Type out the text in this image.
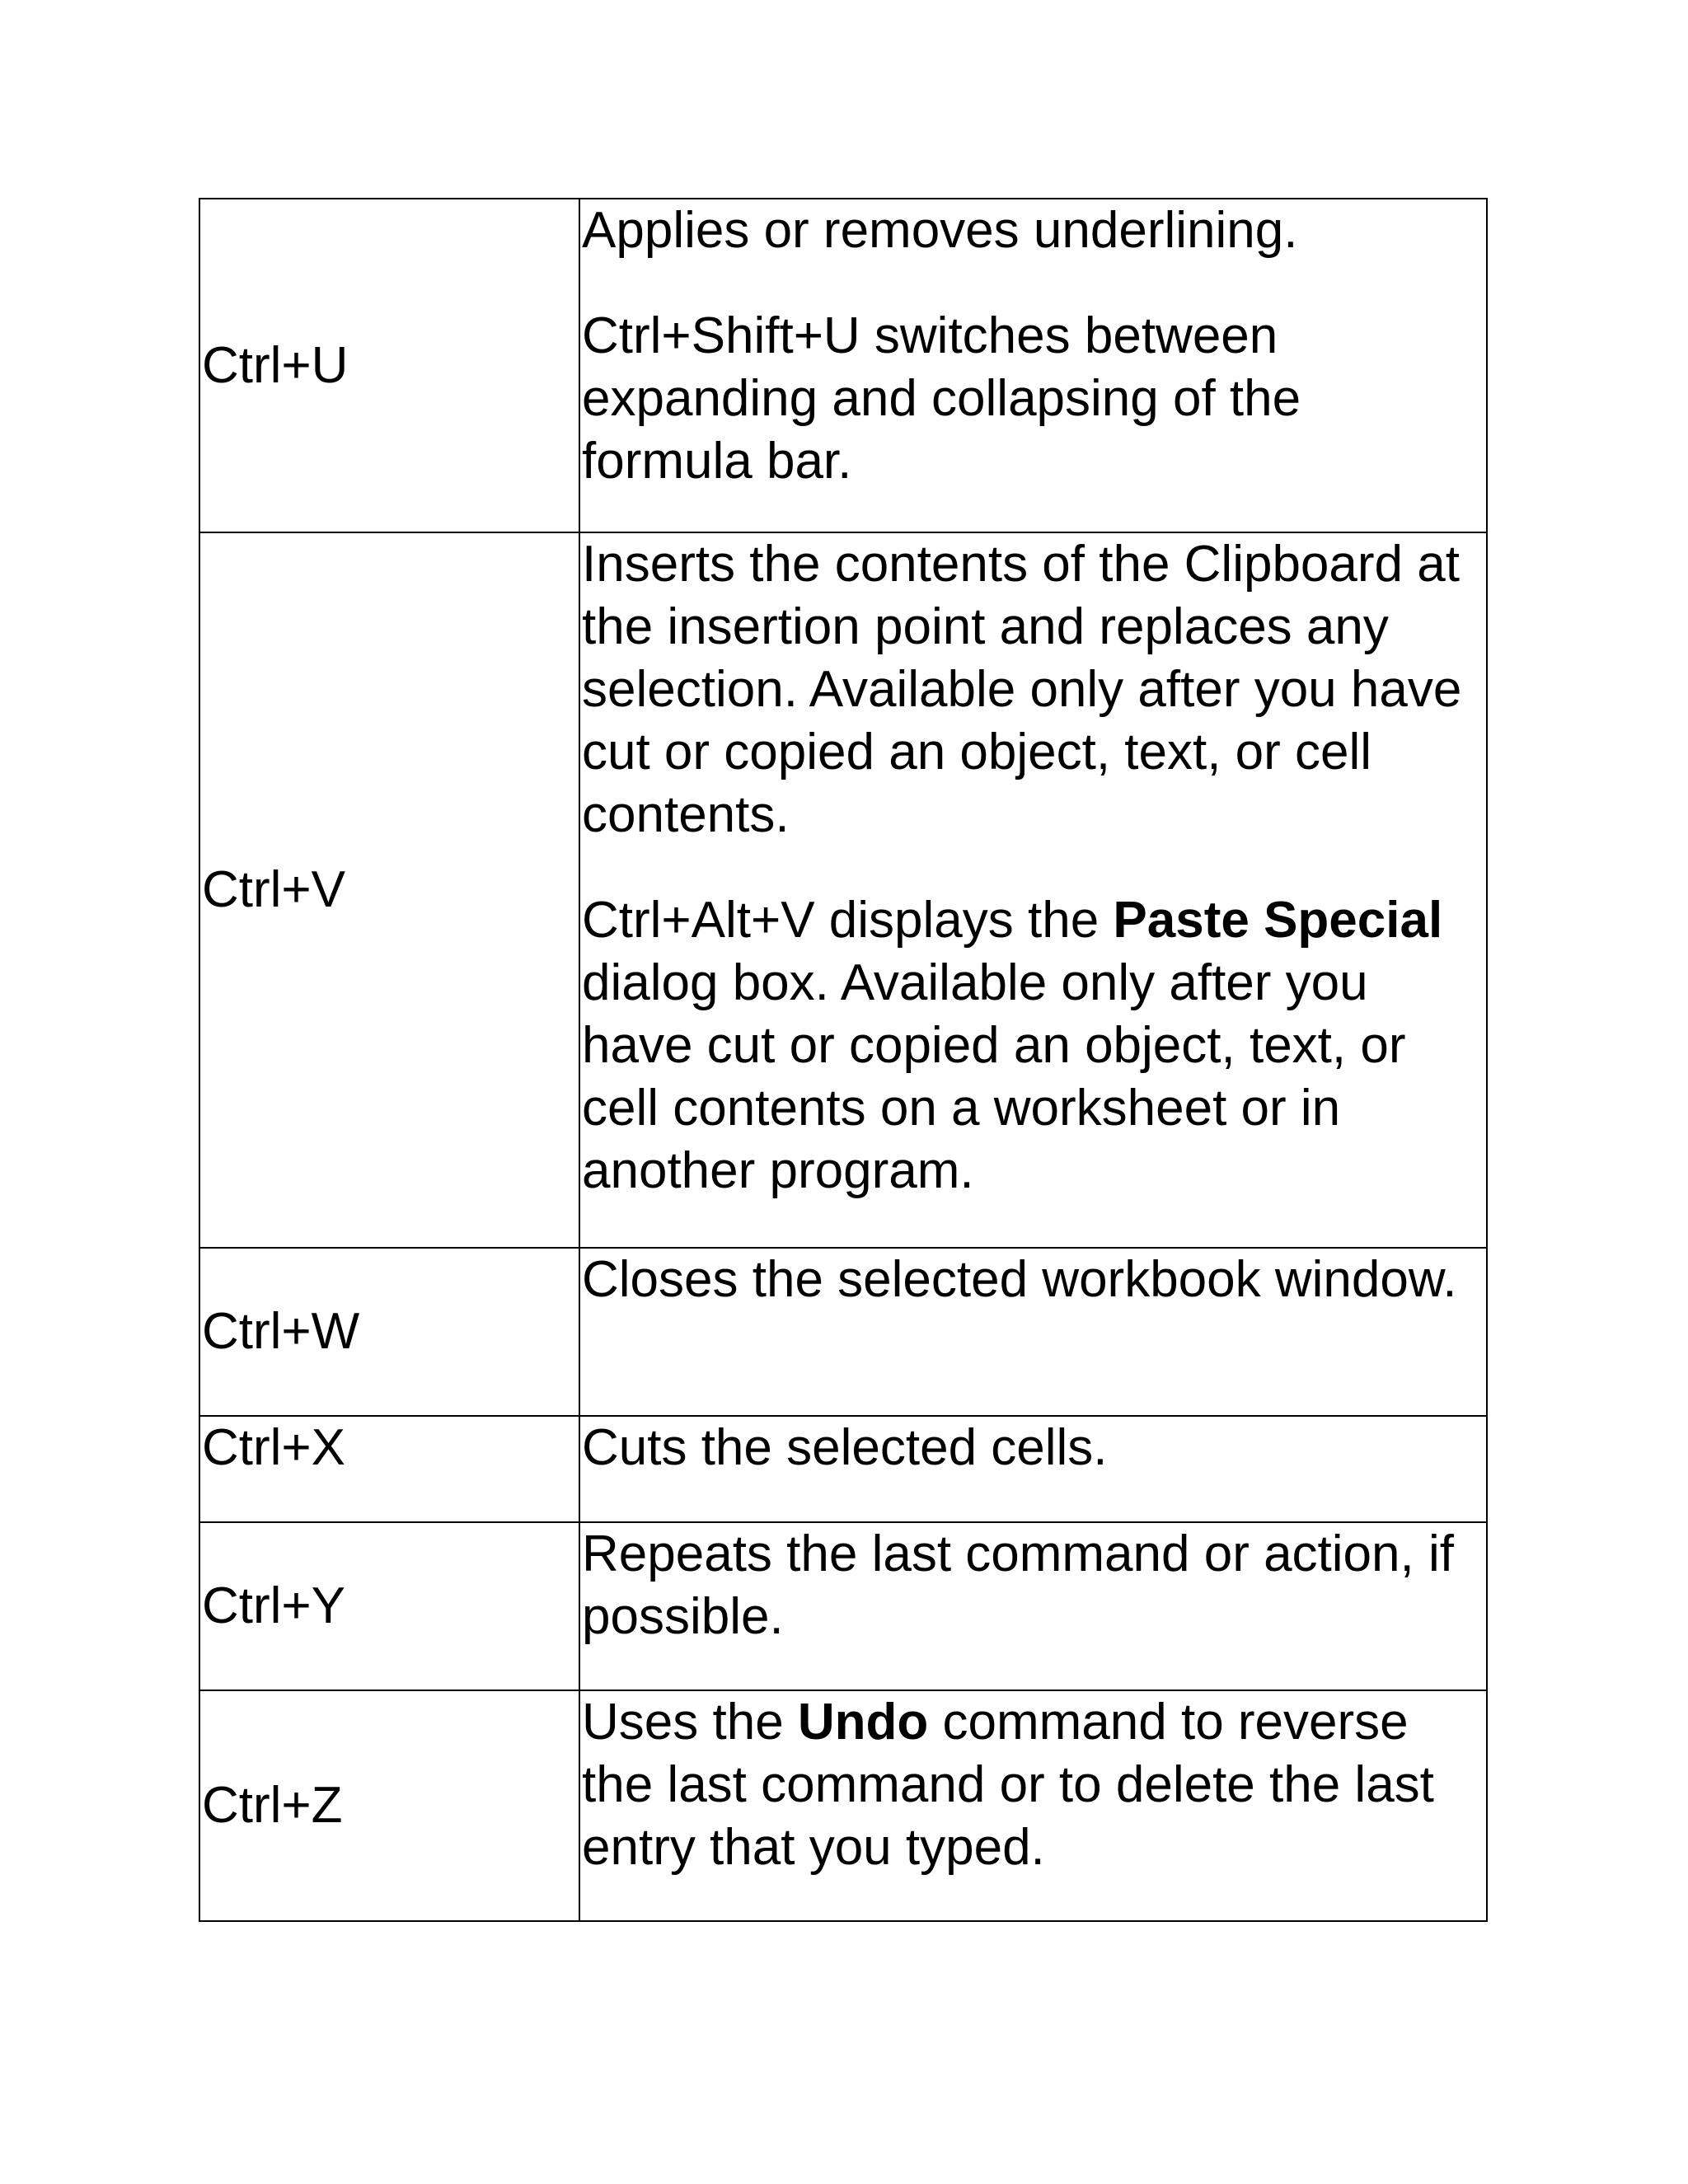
Ctrl+U	Applies or removes underlining.

Ctrl+Shift+U switches between expanding and collapsing of the formula bar.

Ctrl+V	Inserts the contents of the Clipboard at the insertion point and replaces any selection. Available only after you have cut or copied an object, text, or cell contents.

Ctrl+Alt+V displays the Paste Special dialog box. Available only after you have cut or copied an object, text, or cell contents on a worksheet or in another program.

Ctrl+W	Closes the selected workbook window.

Ctrl+X	Cuts the selected cells.

Ctrl+Y	Repeats the last command or action, if possible.

Ctrl+Z	Uses the Undo command to reverse the last command or to delete the last entry that you typed.
